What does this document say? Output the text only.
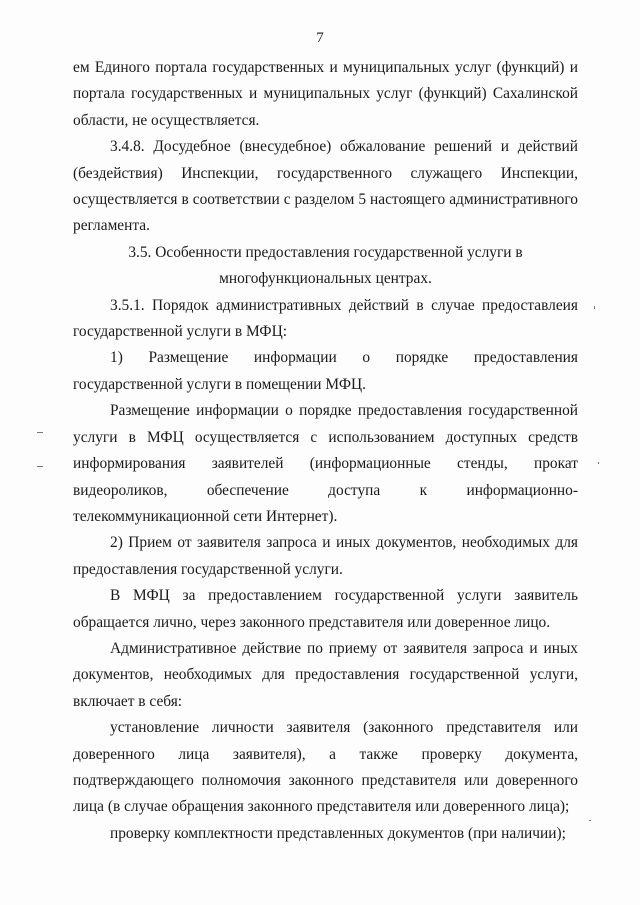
7

ем Единого портала государственных и муниципальных услуг (функций) и портала государственных и муниципальных услуг (функций) Сахалинской области, не осуществляется.

3.4.8. Досудебное (внесудебное) обжалование решений и действий (бездействия) Инспекции, государственного служащего Инспекции, осуществляется в соответствии с разделом 5 настоящего административного регламента.

3.5. Особенности предоставления государственной услуги в многофункциональных центрах.

3.5.1. Порядок административных действий в случае предоставлеия государственной услуги в МФЦ:

1) Размещение информации о порядке предоставления государственной услуги в помещении МФЦ.

Размещение информации о порядке предоставления государственной услуги в МФЦ осуществляется с использованием доступных средств информирования заявителей (информационные стенды, прокат видеороликов, обеспечение доступа к информационно-телекоммуникационной сети Интернет).

2) Прием от заявителя запроса и иных документов, необходимых для предоставления государственной услуги.

В МФЦ за предоставлением государственной услуги заявитель обращается лично, через законного представителя или доверенное лицо.

Административное действие по приему от заявителя запроса и иных документов, необходимых для предоставления государственной услуги, включает в себя:

установление личности заявителя (законного представителя или доверенного лица заявителя), а также проверку документа, подтверждающего полномочия законного представителя или доверенного лица (в случае обращения законного представителя или доверенного лица);

проверку комплектности представленных документов (при наличии);
